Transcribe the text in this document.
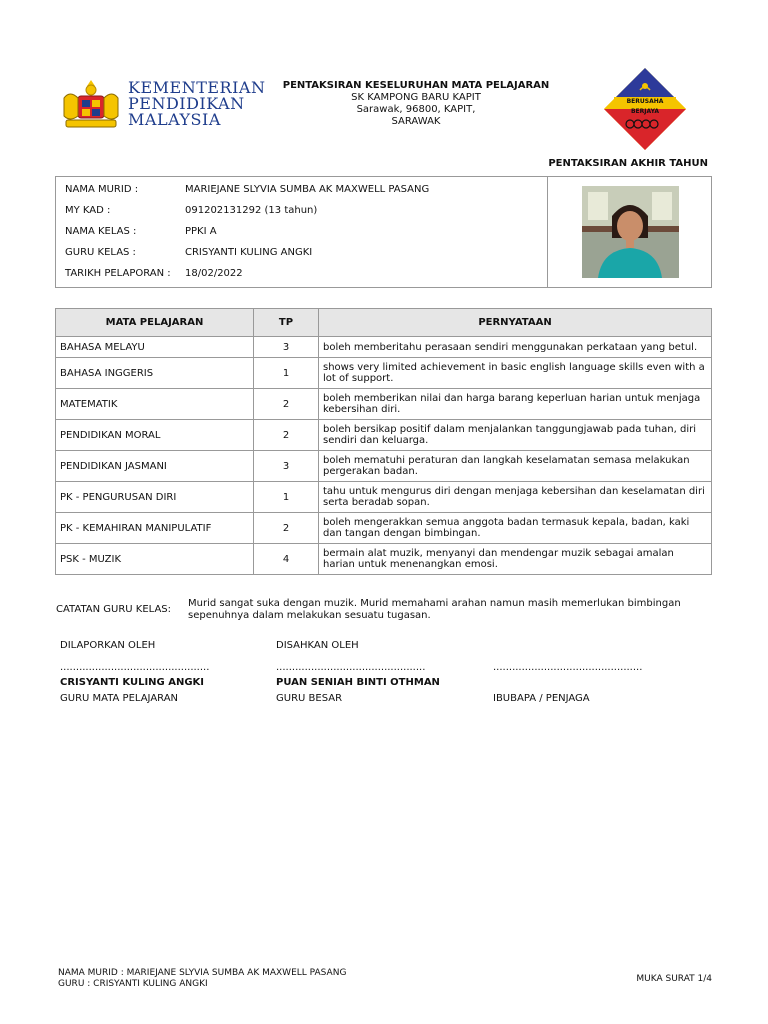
KEMENTERIAN
PENDIDIKAN
MALAYSIA
PENTAKSIRAN KESELURUHAN MATA PELAJARAN
SK KAMPONG BARU KAPIT
Sarawak, 96800, KAPIT,
SARAWAK
BERUSAHA BERJAYA
PENTAKSIRAN AKHIR TAHUN
NAMA MURID :	MARIEJANE SLYVIA SUMBA AK MAXWELL PASANG
MY KAD :	091202131292 (13 tahun)
NAMA KELAS :	PPKI A
GURU KELAS :	CRISYANTI KULING ANGKI
TARIKH PELAPORAN : 18/02/2022
MATA PELAJARAN	TP	PERNYATAAN
BAHASA MELAYU	3	boleh memberitahu perasaan sendiri menggunakan perkataan yang betul.
BAHASA INGGERIS	1	shows very limited achievement in basic english language skills even with a lot of support.
MATEMATIK	2	boleh memberikan nilai dan harga barang keperluan harian untuk menjaga kebersihan diri.
PENDIDIKAN MORAL	2	boleh bersikap positif dalam menjalankan tanggungjawab pada tuhan, diri sendiri dan keluarga.
PENDIDIKAN JASMANI	3	boleh mematuhi peraturan dan langkah keselamatan semasa melakukan pergerakan badan.
PK - PENGURUSAN DIRI	1	tahu untuk mengurus diri dengan menjaga kebersihan dan keselamatan diri serta beradab sopan.
PK - KEMAHIRAN MANIPULATIF	2	boleh mengerakkan semua anggota badan termasuk kepala, badan, kaki dan tangan dengan bimbingan.
PSK - MUZIK	4	bermain alat muzik, menyanyi dan mendengar muzik sebagai amalan harian untuk menenangkan emosi.
CATATAN GURU KELAS:
Murid sangat suka dengan muzik. Murid memahami arahan namun masih memerlukan bimbingan sepenuhnya dalam melakukan sesuatu tugasan.
DILAPORKAN OLEH	DISAHKAN OLEH
...............................................	...............................................	...............................................
CRISYANTI KULING ANGKI	PUAN SENIAH BINTI OTHMAN
GURU MATA PELAJARAN	GURU BESAR	IBUBAPA / PENJAGA
NAMA MURID : MARIEJANE SLYVIA SUMBA AK MAXWELL PASANG
GURU : CRISYANTI KULING ANGKI	MUKA SURAT 1/4
